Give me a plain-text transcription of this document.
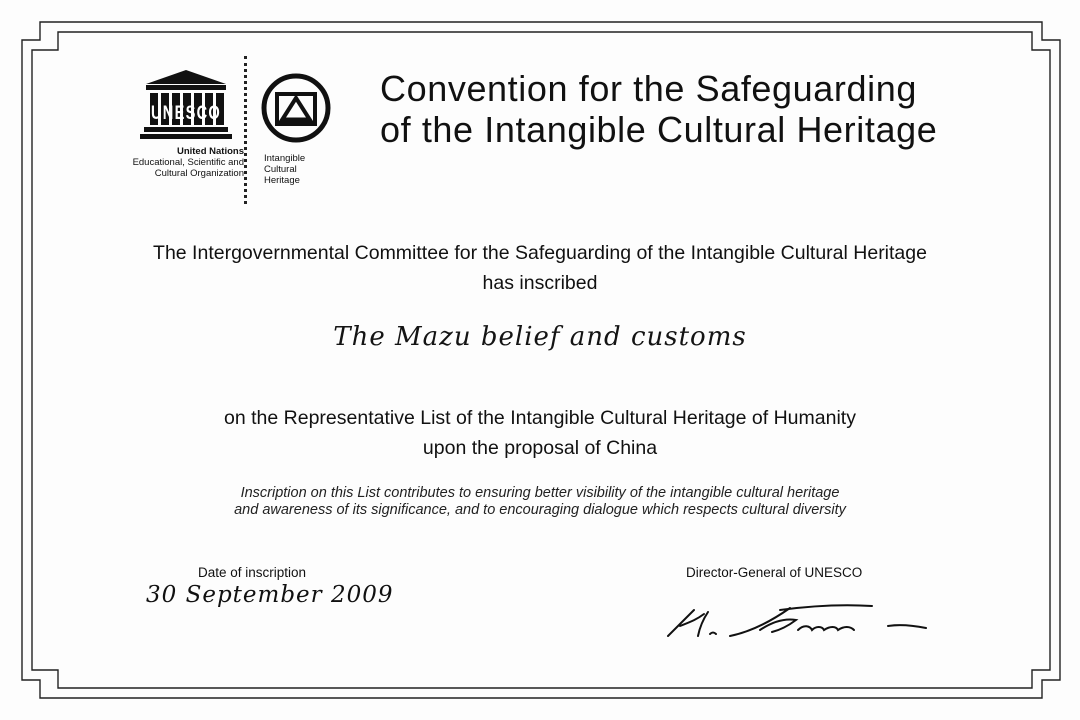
UNESCO
United Nations
Educational, Scientific and
Cultural Organization
Intangible
Cultural
Heritage
Convention for the Safeguarding
of the Intangible Cultural Heritage
The Intergovernmental Committee for the Safeguarding of the Intangible Cultural Heritage
has inscribed
The Mazu belief and customs
on the Representative List of the Intangible Cultural Heritage of Humanity
upon the proposal of China
Inscription on this List contributes to ensuring better visibility of the intangible cultural heritage
and awareness of its significance, and to encouraging dialogue which respects cultural diversity
Date of inscription
30 September 2009
Director-General of UNESCO
